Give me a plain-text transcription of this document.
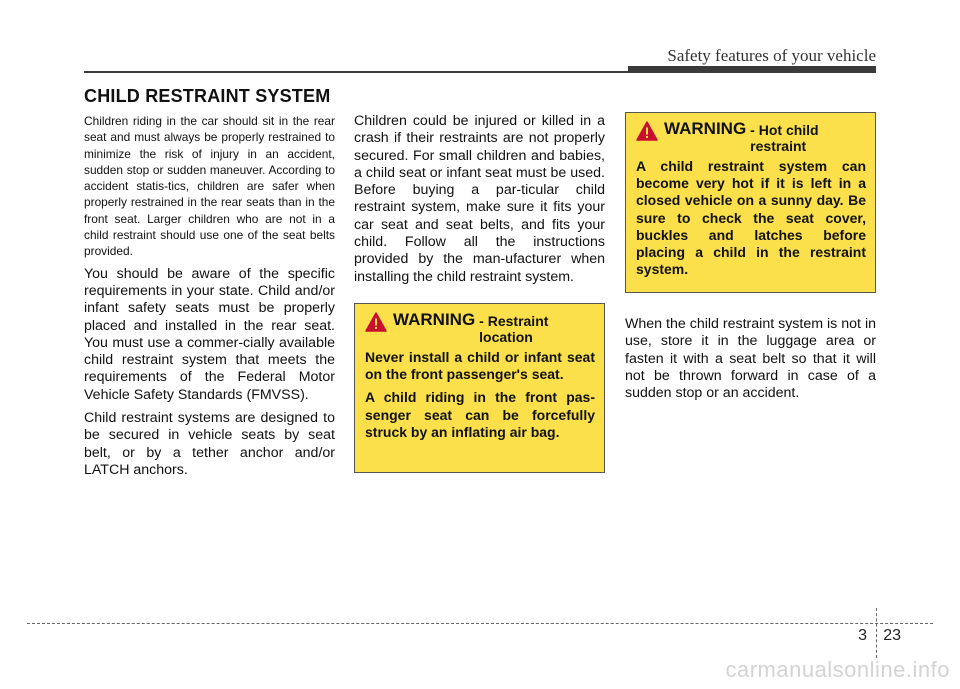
Safety features of your vehicle
CHILD RESTRAINT SYSTEM

Children riding in the car should sit in the rear seat and must always be properly restrained to minimize the risk of injury in an accident, sudden stop or sudden maneuver. According to accident statis-tics, children are safer when properly restrained in the rear seats than in the front seat. Larger children who are not in a child restraint should use one of the seat belts provided.

You should be aware of the specific requirements in your state. Child and/or infant safety seats must be properly placed and installed in the rear seat. You must use a commer-cially available child restraint system that meets the requirements of the Federal Motor Vehicle Safety Standards (FMVSS).

Child restraint systems are designed to be secured in vehicle seats by seat belt, or by a tether anchor and/or LATCH anchors.

Children could be injured or killed in a crash if their restraints are not properly secured. For small children and babies, a child seat or infant seat must be used. Before buying a par-ticular child restraint system, make sure it fits your car seat and seat belts, and fits your child. Follow all the instructions provided by the man-ufacturer when installing the child restraint system.

WARNING - Restraint
location

Never install a child or infant seat on the front passenger's seat.

A child riding in the front pas-senger seat can be forcefully struck by an inflating air bag.

WARNING - Hot child
restraint

A child restraint system can become very hot if it is left in a closed vehicle on a sunny day. Be sure to check the seat cover, buckles and latches before placing a child in the restraint system.

When the child restraint system is not in use, store it in the luggage area or fasten it with a seat belt so that it will not be thrown forward in case of a sudden stop or an accident.

3 23
carmanualsonline.info
